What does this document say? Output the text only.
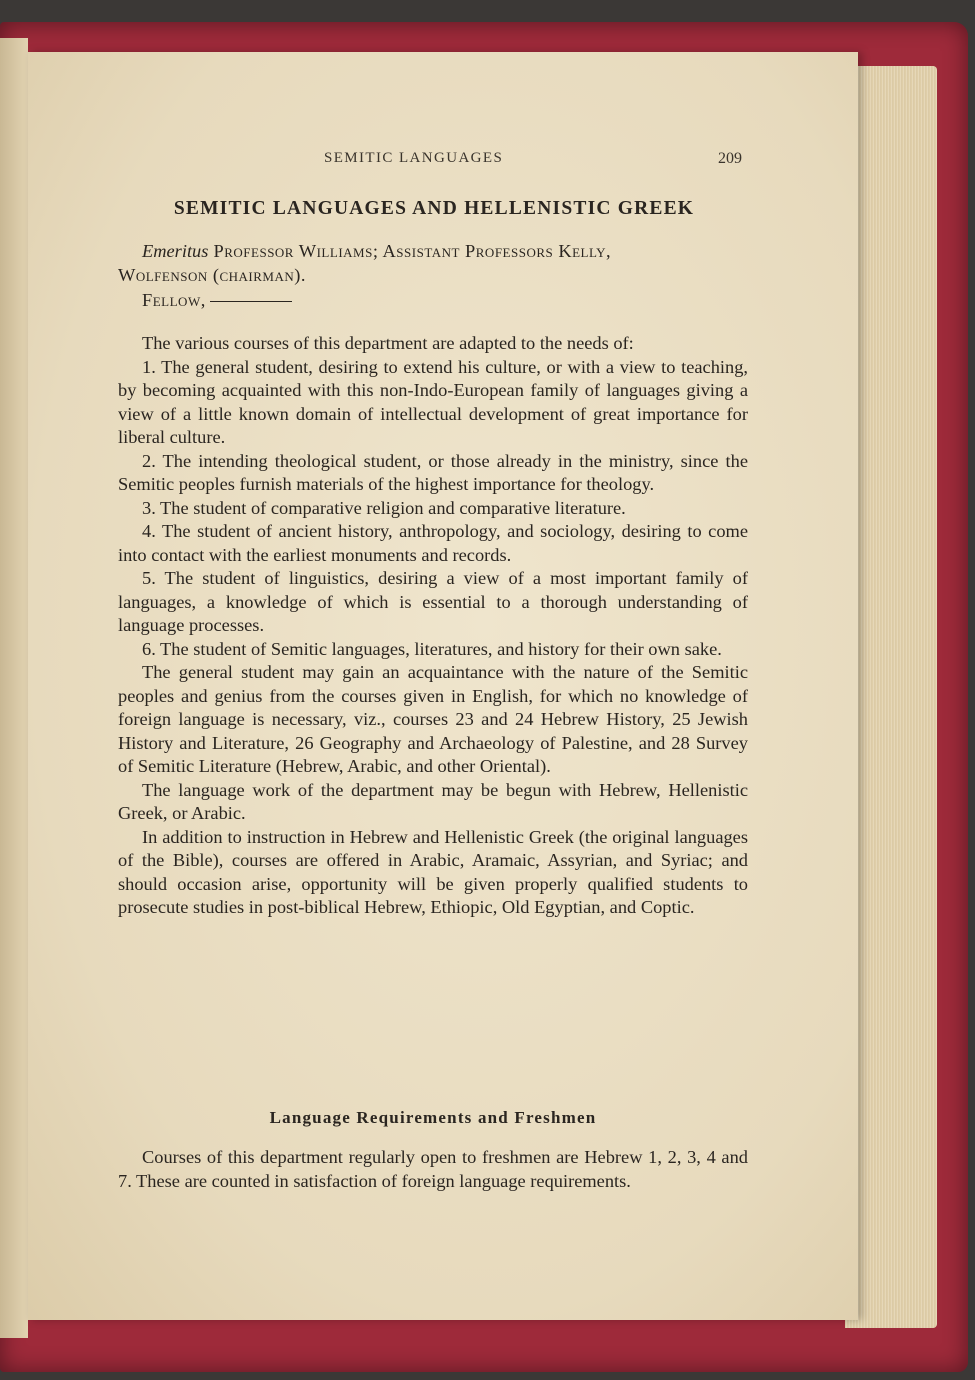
SEMITIC LANGUAGES	209
SEMITIC LANGUAGES AND HELLENISTIC GREEK
Emeritus Professor Williams; Assistant Professors Kelly,
Wolfenson (chairman).
Fellow,

The various courses of this department are adapted to the needs of:

1. The general student, desiring to extend his culture, or with a view to teaching, by becoming acquainted with this non-Indo-European family of languages giving a view of a little known domain of intellectual development of great importance for liberal culture.

2. The intending theological student, or those already in the ministry, since the Semitic peoples furnish materials of the highest importance for theology.

3. The student of comparative religion and comparative literature.

4. The student of ancient history, anthropology, and sociology, desiring to come into contact with the earliest monuments and records.

5. The student of linguistics, desiring a view of a most important family of languages, a knowledge of which is essential to a thorough understanding of language processes.

6. The student of Semitic languages, literatures, and history for their own sake.

The general student may gain an acquaintance with the nature of the Semitic peoples and genius from the courses given in English, for which no knowledge of foreign language is necessary, viz., courses 23 and 24 Hebrew History, 25 Jewish History and Literature, 26 Geography and Archaeology of Palestine, and 28 Survey of Semitic Literature (Hebrew, Arabic, and other Oriental).

The language work of the department may be begun with Hebrew, Hellenistic Greek, or Arabic.

In addition to instruction in Hebrew and Hellenistic Greek (the original languages of the Bible), courses are offered in Arabic, Aramaic, Assyrian, and Syriac; and should occasion arise, opportunity will be given properly qualified students to prosecute studies in post-biblical Hebrew, Ethiopic, Old Egyptian, and Coptic.

Language Requirements and Freshmen

Courses of this department regularly open to freshmen are Hebrew 1, 2, 3, 4 and 7. These are counted in satisfaction of foreign language requirements.
